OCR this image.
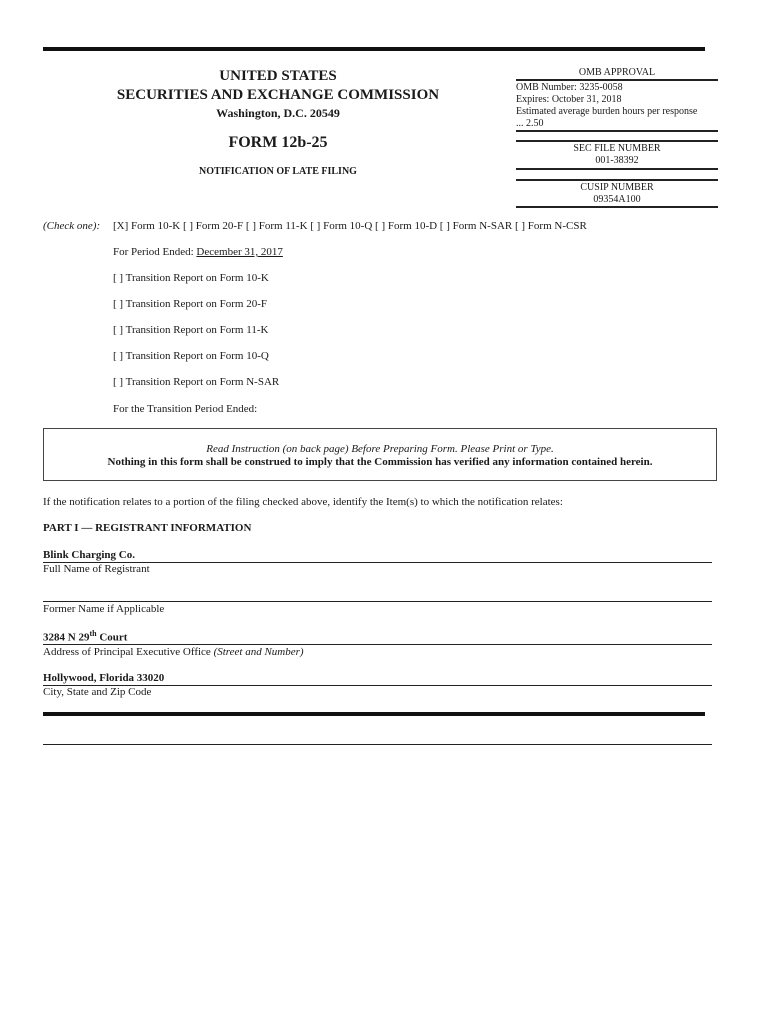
UNITED STATES
SECURITIES AND EXCHANGE COMMISSION
Washington, D.C. 20549
FORM 12b-25
NOTIFICATION OF LATE FILING
OMB APPROVAL
OMB Number: 3235-0058
Expires: October 31, 2018
Estimated average burden hours per response
... 2.50
SEC FILE NUMBER
001-38392
CUSIP NUMBER
09354A100
(Check one): [X] Form 10-K [ ] Form 20-F [ ] Form 11-K [ ] Form 10-Q [ ] Form 10-D [ ] Form N-SAR [ ] Form N-CSR
For Period Ended: December 31, 2017
[ ] Transition Report on Form 10-K
[ ] Transition Report on Form 20-F
[ ] Transition Report on Form 11-K
[ ] Transition Report on Form 10-Q
[ ] Transition Report on Form N-SAR
For the Transition Period Ended:
Read Instruction (on back page) Before Preparing Form. Please Print or Type.
Nothing in this form shall be construed to imply that the Commission has verified any information contained herein.
If the notification relates to a portion of the filing checked above, identify the Item(s) to which the notification relates:
PART I — REGISTRANT INFORMATION
Blink Charging Co.
Full Name of Registrant
Former Name if Applicable
3284 N 29th Court
Address of Principal Executive Office (Street and Number)
Hollywood, Florida 33020
City, State and Zip Code
